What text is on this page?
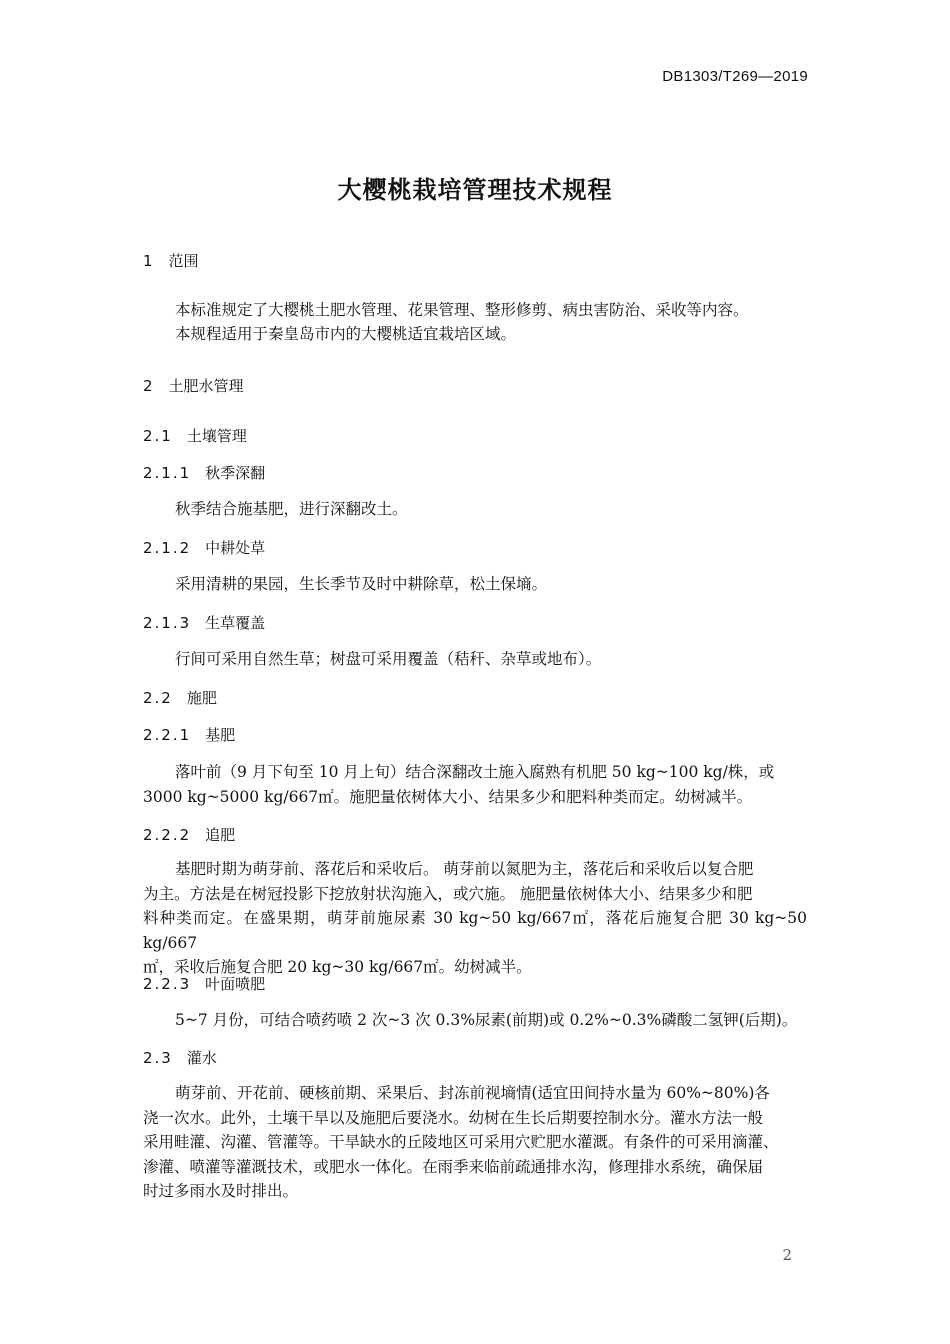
DB1303/T269—2019
大樱桃栽培管理技术规程
1 范围
本标准规定了大樱桃土肥水管理、花果管理、整形修剪、病虫害防治、采收等内容。
本规程适用于秦皇岛市内的大樱桃适宜栽培区域。
2 土肥水管理
2.1 土壤管理
2.1.1 秋季深翻
秋季结合施基肥，进行深翻改土。
2.1.2 中耕处草
采用清耕的果园，生长季节及时中耕除草，松土保墒。
2.1.3 生草覆盖
行间可采用自然生草；树盘可采用覆盖（秸秆、杂草或地布）。
2.2 施肥
2.2.1 基肥
落叶前（9 月下旬至 10 月上旬）结合深翻改土施入腐熟有机肥 50 kg~100 kg/株，或
3000 kg~5000 kg/667㎡。施肥量依树体大小、结果多少和肥料种类而定。幼树减半。
2.2.2 追肥
基肥时期为萌芽前、落花后和采收后。 萌芽前以氮肥为主，落花后和采收后以复合肥
为主。方法是在树冠投影下挖放射状沟施入，或穴施。 施肥量依树体大小、结果多少和肥
料种类而定。在盛果期，萌芽前施尿素 30 kg~50 kg/667㎡，落花后施复合肥 30 kg~50 kg/667
㎡，采收后施复合肥 20 kg~30 kg/667㎡。幼树减半。
2.2.3 叶面喷肥
5~7 月份，可结合喷药喷 2 次~3 次 0.3%尿素(前期)或 0.2%~0.3%磷酸二氢钾(后期)。
2.3 灌水
萌芽前、开花前、硬核前期、采果后、封冻前视墒情(适宜田间持水量为 60%~80%)各
浇一次水。此外，土壤干旱以及施肥后要浇水。幼树在生长后期要控制水分。灌水方法一般
采用畦灌、沟灌、管灌等。干旱缺水的丘陵地区可采用穴贮肥水灌溉。有条件的可采用滴灌、
渗灌、喷灌等灌溉技术，或肥水一体化。在雨季来临前疏通排水沟，修理排水系统，确保届
时过多雨水及时排出。
2
